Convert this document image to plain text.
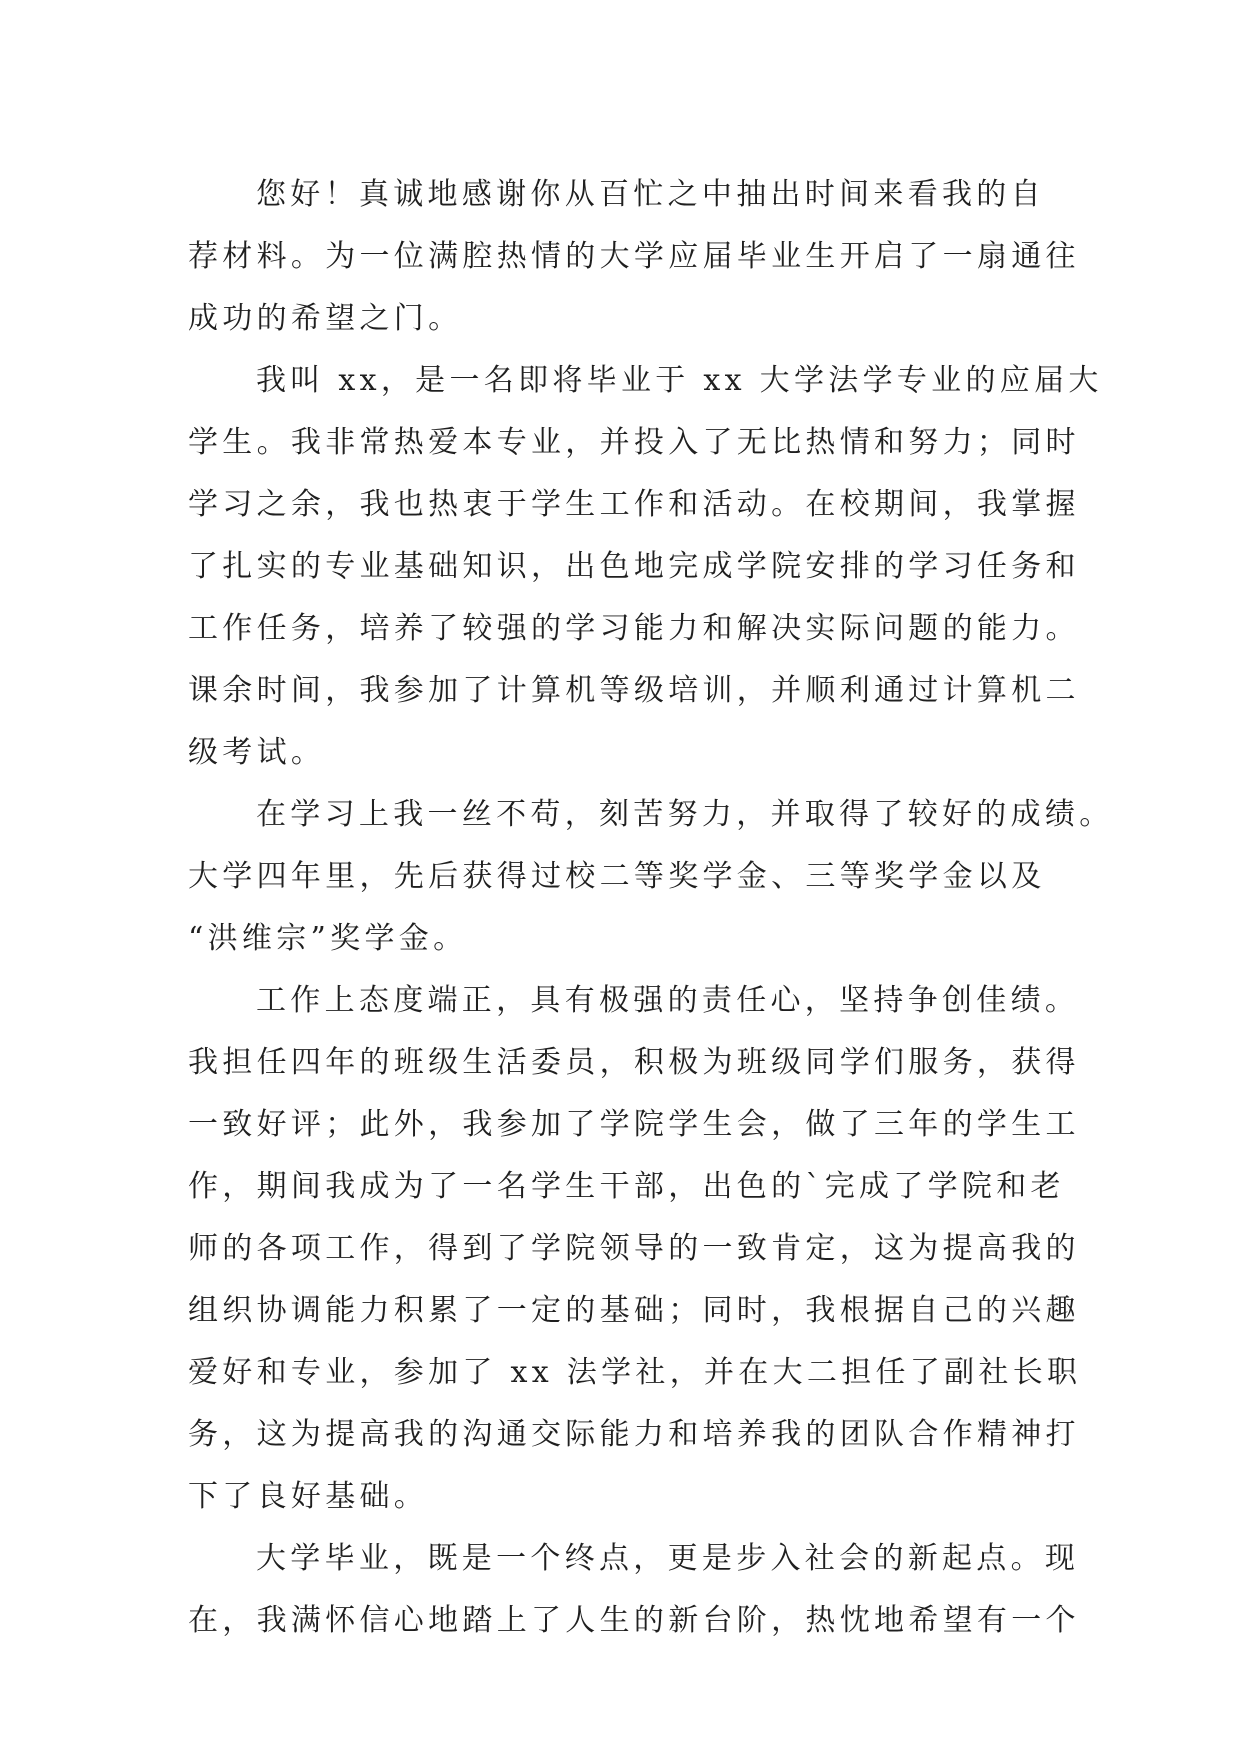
您好！真诚地感谢你从百忙之中抽出时间来看我的自
荐材料。为一位满腔热情的大学应届毕业生开启了一扇通往
成功的希望之门。
我叫 xx，是一名即将毕业于 xx 大学法学专业的应届大
学生。我非常热爱本专业，并投入了无比热情和努力；同时
学习之余，我也热衷于学生工作和活动。在校期间，我掌握
了扎实的专业基础知识，出色地完成学院安排的学习任务和
工作任务，培养了较强的学习能力和解决实际问题的能力。
课余时间，我参加了计算机等级培训，并顺利通过计算机二
级考试。
在学习上我一丝不苟，刻苦努力，并取得了较好的成绩。
大学四年里，先后获得过校二等奖学金、三等奖学金以及
“洪维宗”奖学金。
工作上态度端正，具有极强的责任心，坚持争创佳绩。
我担任四年的班级生活委员，积极为班级同学们服务，获得
一致好评；此外，我参加了学院学生会，做了三年的学生工
作，期间我成为了一名学生干部，出色的`完成了学院和老
师的各项工作，得到了学院领导的一致肯定，这为提高我的
组织协调能力积累了一定的基础；同时，我根据自己的兴趣
爱好和专业，参加了 xx 法学社，并在大二担任了副社长职
务，这为提高我的沟通交际能力和培养我的团队合作精神打
下了良好基础。
大学毕业，既是一个终点，更是步入社会的新起点。现
在，我满怀信心地踏上了人生的新台阶，热忱地希望有一个
